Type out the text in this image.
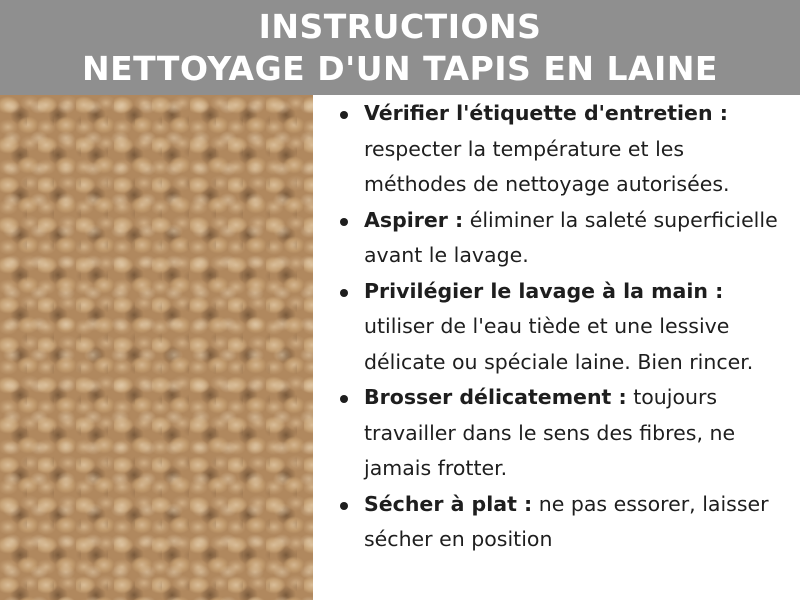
INSTRUCTIONS
NETTOYAGE D'UN TAPIS EN LAINE
Vérifier l'étiquette d'entretien : respecter la température et les méthodes de nettoyage autorisées.
Aspirer : éliminer la saleté superficielle avant le lavage.
Privilégier le lavage à la main : utiliser de l'eau tiède et une lessive délicate ou spéciale laine. Bien rincer.
Brosser délicatement : toujours travailler dans le sens des fibres, ne jamais frotter.
Sécher à plat : ne pas essorer, laisser sécher en position
